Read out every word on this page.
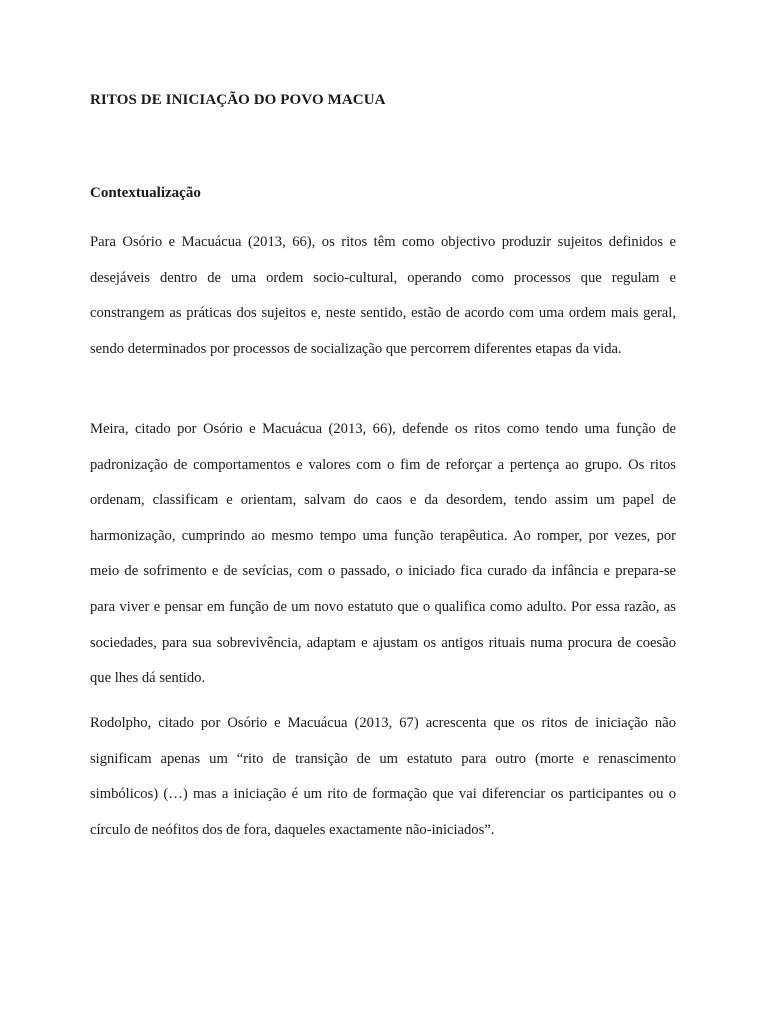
RITOS DE INICIAÇÃO DO POVO MACUA
Contextualização

Para Osório e Macuácua (2013, 66), os ritos têm como objectivo produzir sujeitos definidos e desejáveis dentro de uma ordem socio-cultural, operando como processos que regulam e constrangem as práticas dos sujeitos e, neste sentido, estão de acordo com uma ordem mais geral, sendo determinados por processos de socialização que percorrem diferentes etapas da vida.

Meira, citado por Osório e Macuácua (2013, 66), defende os ritos como tendo uma função de padronização de comportamentos e valores com o fim de reforçar a pertença ao grupo. Os ritos ordenam, classificam e orientam, salvam do caos e da desordem, tendo assim um papel de harmonização, cumprindo ao mesmo tempo uma função terapêutica. Ao romper, por vezes, por meio de sofrimento e de sevícias, com o passado, o iniciado fica curado da infância e prepara-se para viver e pensar em função de um novo estatuto que o qualifica como adulto. Por essa razão, as sociedades, para sua sobrevivência, adaptam e ajustam os antigos rituais numa procura de coesão que lhes dá sentido.

Rodolpho, citado por Osório e Macuácua (2013, 67) acrescenta que os ritos de iniciação não significam apenas um “rito de transição de um estatuto para outro (morte e renascimento simbólicos) (…) mas a iniciação é um rito de formação que vai diferenciar os participantes ou o círculo de neófitos dos de fora, daqueles exactamente não-iniciados”.
